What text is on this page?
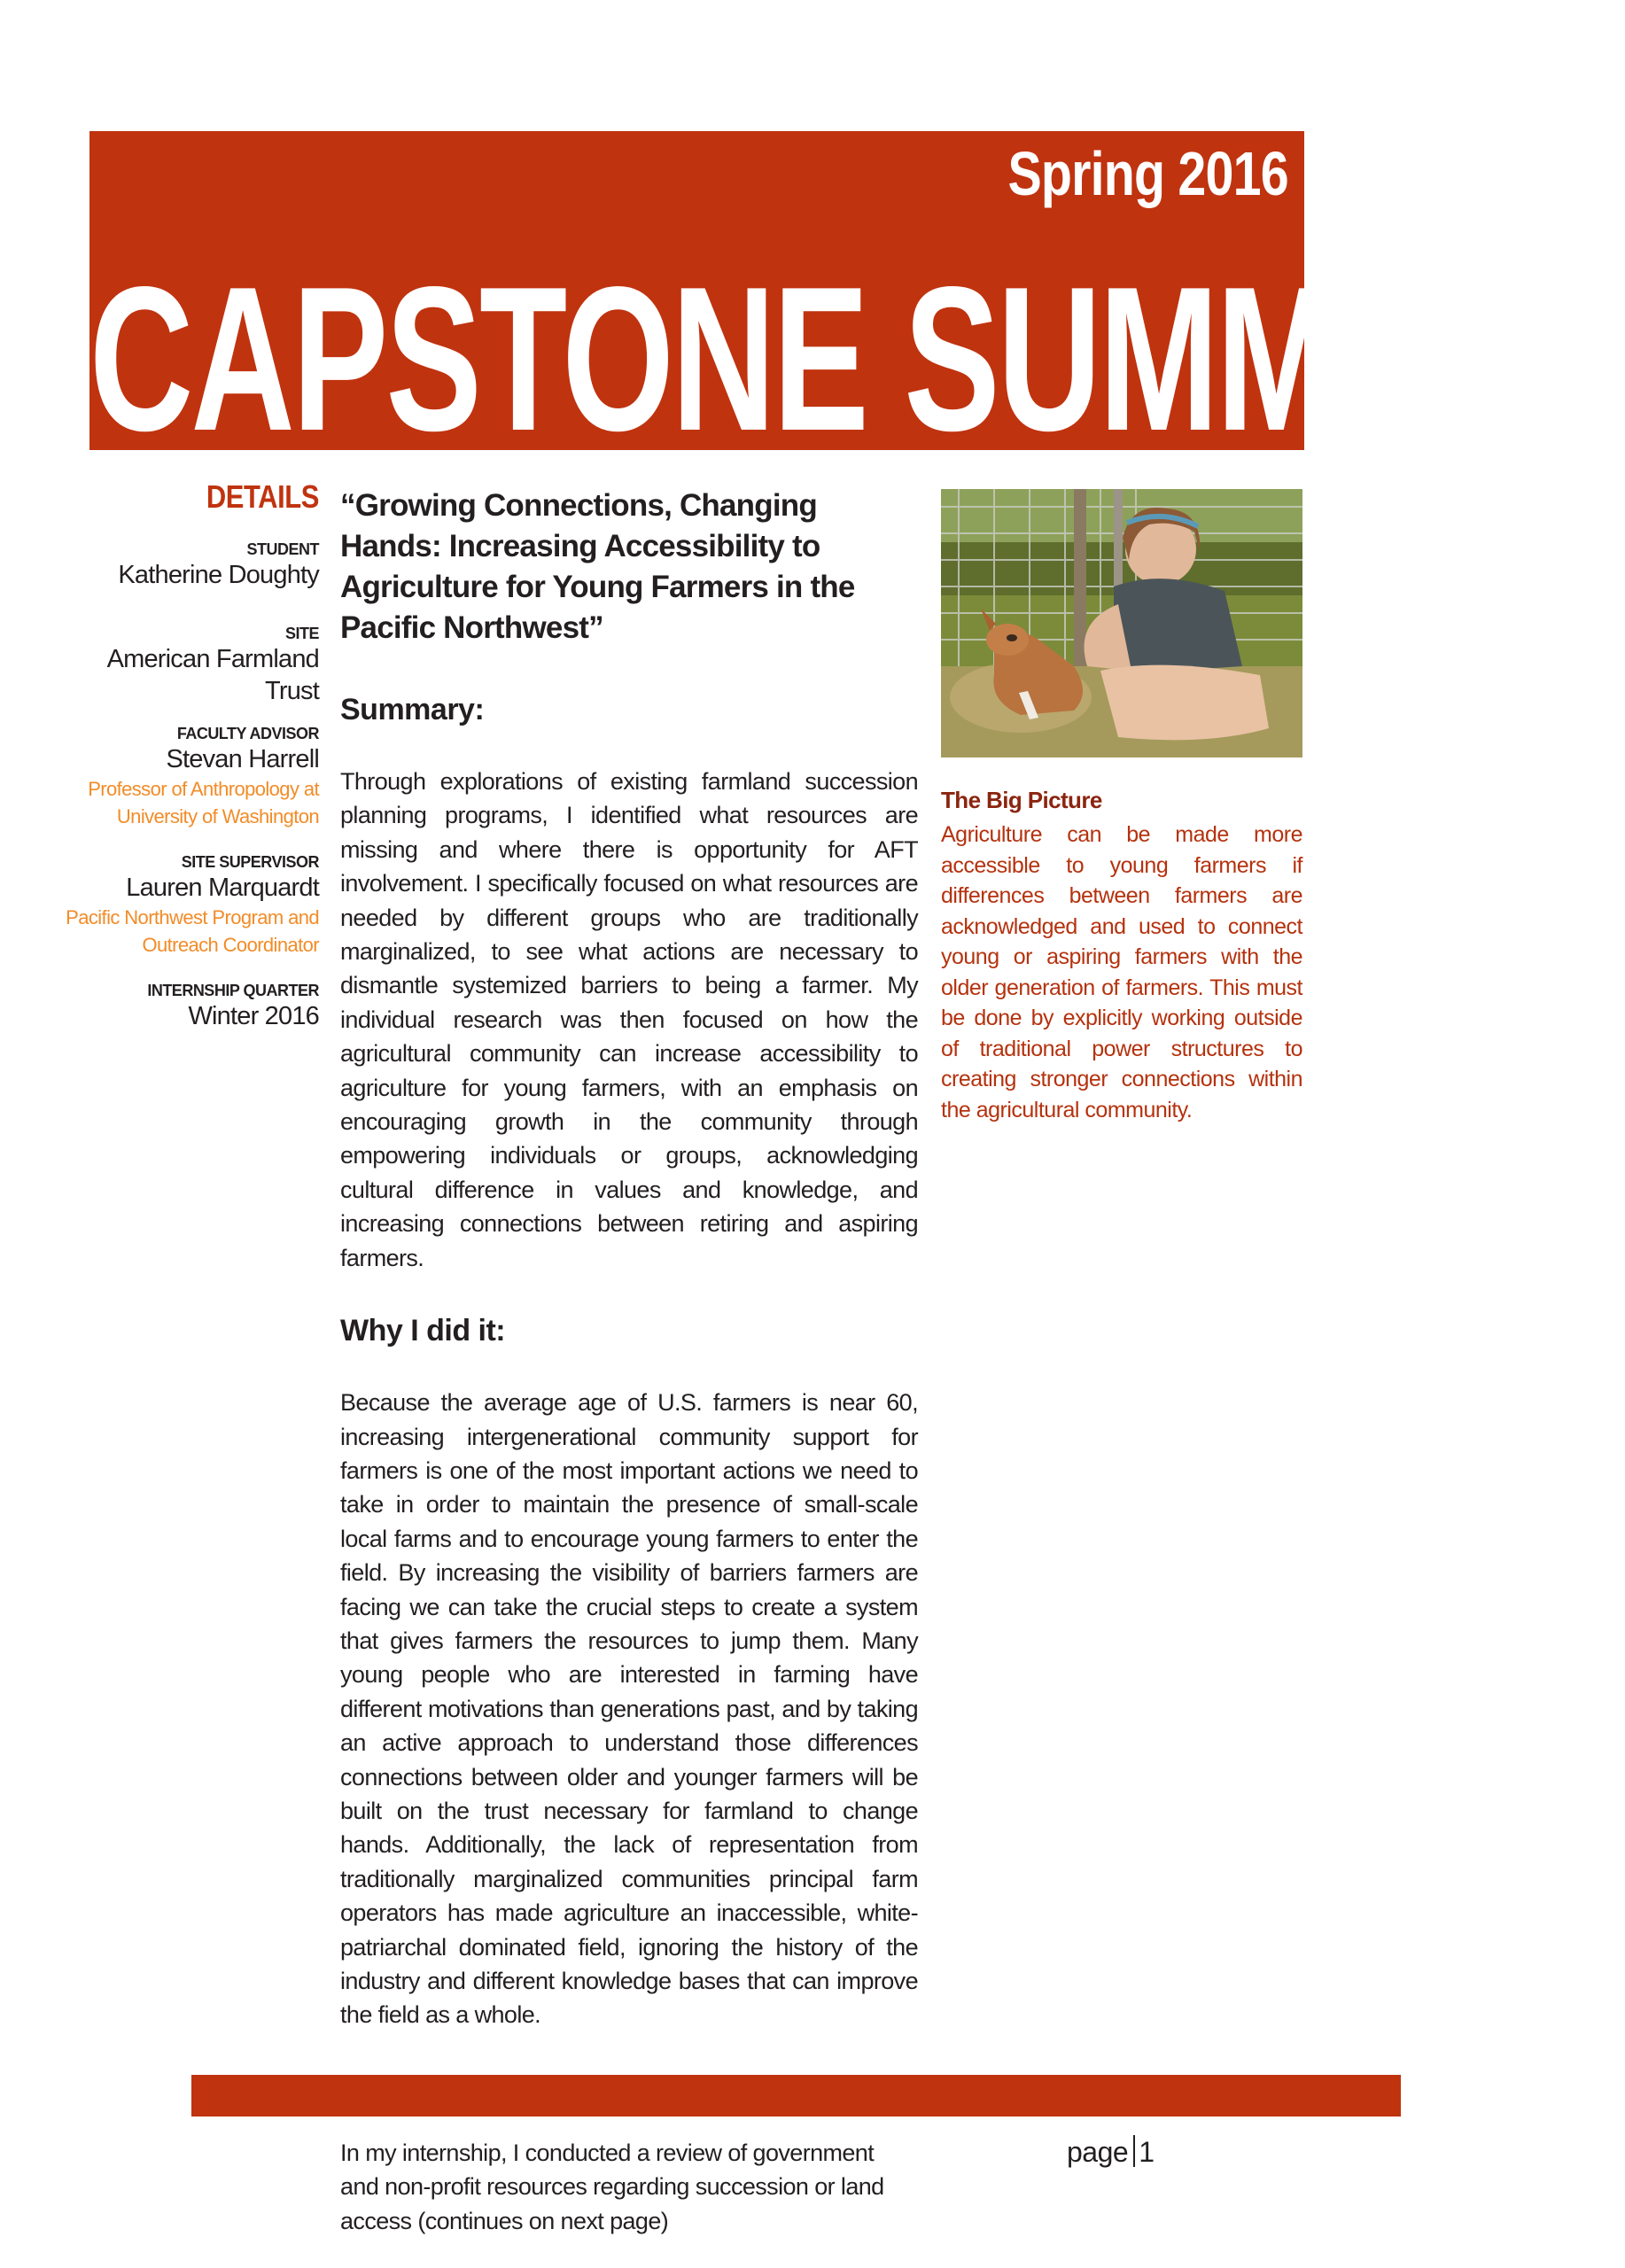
Spring 2016
CAPSTONE SUMMARY
DETAILS
STUDENT
Katherine Doughty
SITE
American Farmland Trust
FACULTY ADVISOR
Stevan Harrell
Professor of Anthropology at
University of Washington
SITE SUPERVISOR
Lauren Marquardt
Pacific Northwest Program and
Outreach Coordinator
INTERNSHIP QUARTER
Winter 2016
“Growing Connections, Changing Hands: Increasing Accessibility to Agriculture for Young Farmers in the Pacific Northwest”
Summary:

Through explorations of existing farmland succession planning programs, I identified what resources are missing and where there is opportunity for AFT involvement. I specifically focused on what resources are needed by different groups who are traditionally marginalized, to see what actions are necessary to dismantle systemized barriers to being a farmer. My individual research was then focused on how the agricultural community can increase accessibility to agriculture for young farmers, with an emphasis on encouraging growth in the community through empowering individuals or groups, acknowledging cultural difference in values and knowledge, and increasing connections between retiring and aspiring farmers.

Why I did it:

Because the average age of U.S. farmers is near 60, increasing intergenerational community support for farmers is one of the most important actions we need to take in order to maintain the presence of small-scale local farms and to encourage young farmers to enter the field. By increasing the visibility of barriers farmers are facing we can take the crucial steps to create a system that gives farmers the resources to jump them. Many young people who are interested in farming have different motivations than generations past, and by taking an active approach to understand those differences connections between older and younger farmers will be built on the trust necessary for farmland to change hands. Additionally, the lack of representation from traditionally marginalized communities principal farm operators has made agriculture an inaccessible, white-patriarchal dominated field, ignoring the history of the industry and different knowledge bases that can improve the field as a whole.

In my internship, I conducted a review of government and non-profit resources regarding succession or land access (continues on next page)

The Big Picture
Agriculture can be made more accessible to young farmers if differences between farmers are acknowledged and used to connect young or aspiring farmers with the older generation of farmers. This must be done by explicitly working outside of traditional power structures to creating stronger connections within the agricultural community.
page 1
